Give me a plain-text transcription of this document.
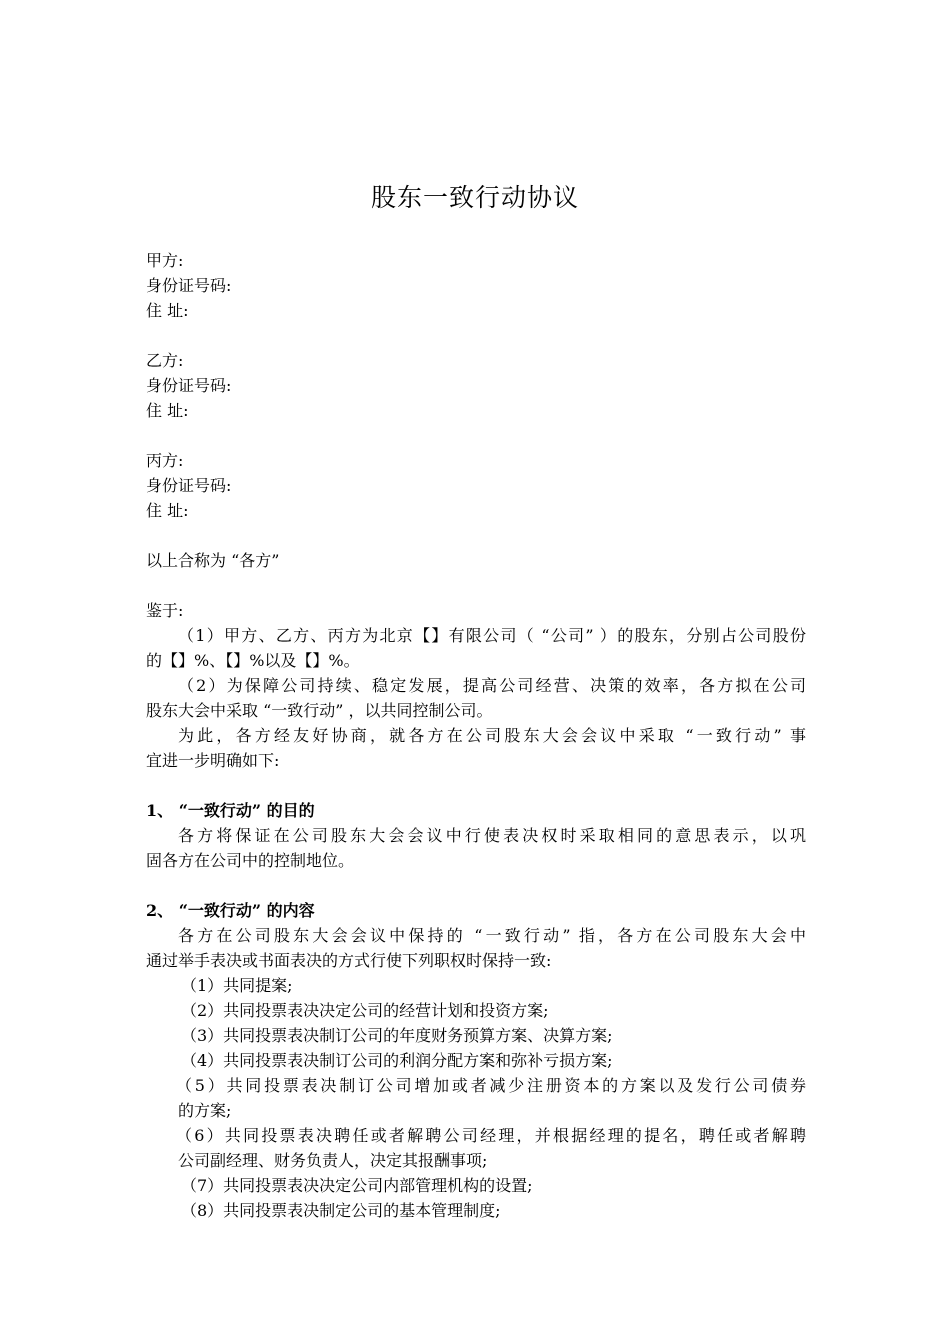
股东一致行动协议
甲方:
身份证号码:
住 址:
乙方:
身份证号码:
住 址:
丙方:
身份证号码:
住 址:
以上合称为 “各方”
鉴于:
（1）甲方、乙方、丙方为北京【】有限公司（ “公司” ）的股东，分别占公司股份
的【】%、【】%以及【】%。
（2）为保障公司持续、稳定发展，提高公司经营、决策的效率，各方拟在公司
股东大会中采取 “一致行动” ，以共同控制公司。
为此，各方经友好协商，就各方在公司股东大会会议中采取 “一致行动” 事
宜进一步明确如下:
1、 “一致行动” 的目的
各方将保证在公司股东大会会议中行使表决权时采取相同的意思表示，以巩
固各方在公司中的控制地位。
2、 “一致行动” 的内容
各方在公司股东大会会议中保持的 “一致行动” 指，各方在公司股东大会中
通过举手表决或书面表决的方式行使下列职权时保持一致:
（1）共同提案;
（2）共同投票表决决定公司的经营计划和投资方案;
（3）共同投票表决制订公司的年度财务预算方案、决算方案;
（4）共同投票表决制订公司的利润分配方案和弥补亏损方案;
（5）共同投票表决制订公司增加或者减少注册资本的方案以及发行公司债券
的方案;
（6）共同投票表决聘任或者解聘公司经理，并根据经理的提名，聘任或者解聘
公司副经理、财务负责人，决定其报酬事项;
（7）共同投票表决决定公司内部管理机构的设置;
（8）共同投票表决制定公司的基本管理制度;
